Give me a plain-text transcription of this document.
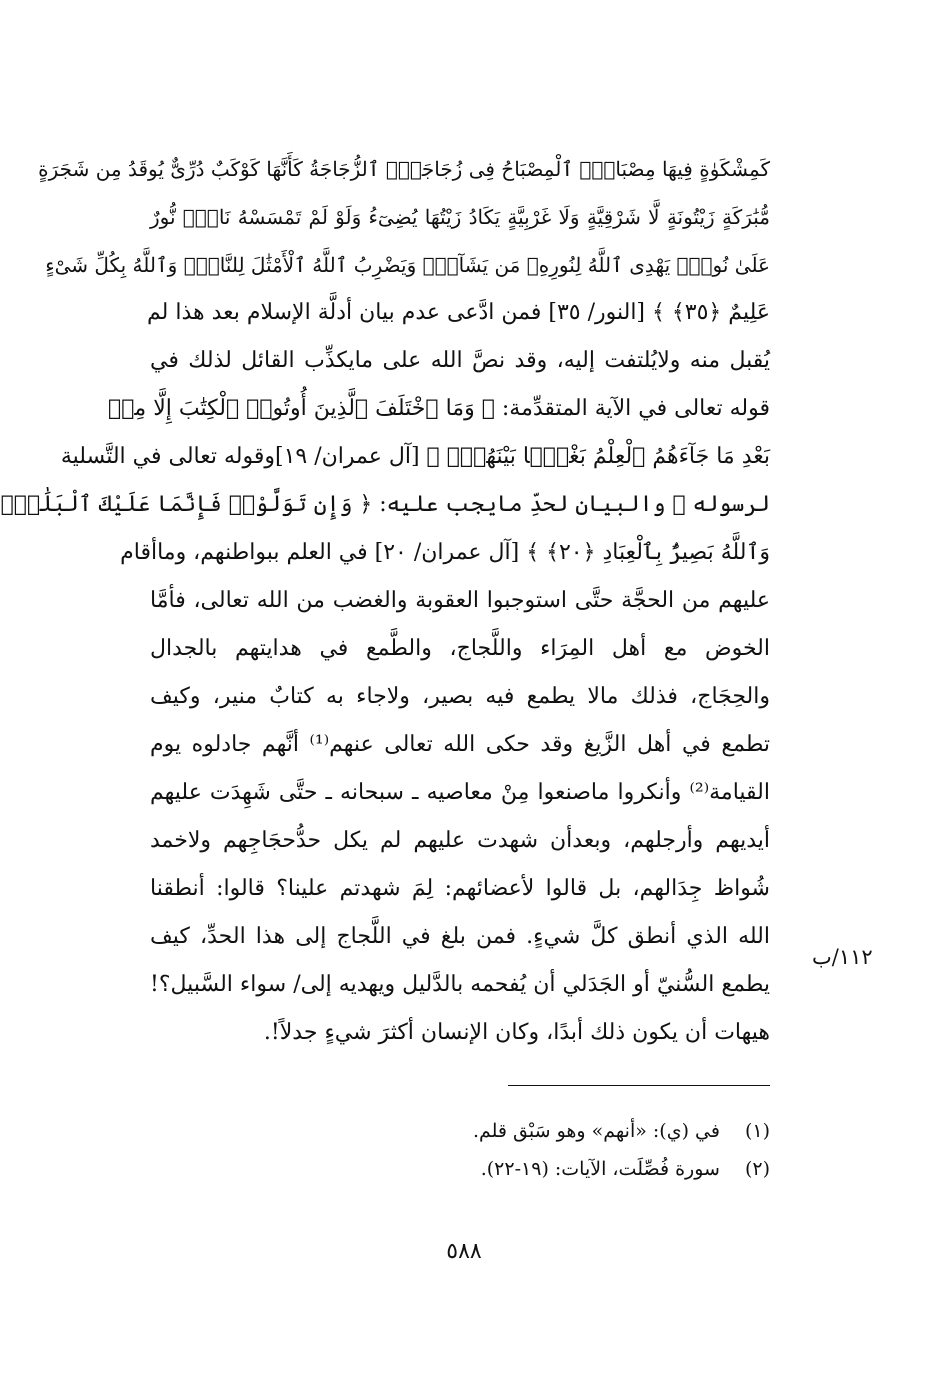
كَمِشْكَوٰةٍ فِيهَا مِصْبَاحٌۖ ٱلْمِصْبَاحُ فِى زُجَاجَةٍۖ ٱلزُّجَاجَةُ كَأَنَّهَا كَوْكَبٌ دُرِّىٌّ يُوقَدُ مِن شَجَرَةٍ
مُّبَٰرَكَةٍ زَيْتُونَةٍ لَّا شَرْقِيَّةٍ وَلَا غَرْبِيَّةٍ يَكَادُ زَيْتُهَا يُضِىٓءُ وَلَوْ لَمْ تَمْسَسْهُ نَارٌۚ نُّورٌ
عَلَىٰ نُورٍۗ يَهْدِى ٱللَّهُ لِنُورِهِۦ مَن يَشَآءُۚ وَيَضْرِبُ ٱللَّهُ ٱلْأَمْثَٰلَ لِلنَّاسِۗ وَٱللَّهُ بِكُلِّ شَىْءٍ
عَلِيمٌ ﴿٣٥﴾ ﴾ [النور/ ٣٥] فمن ادَّعى عدم بيان أدلَّة الإسلام بعد هذا لم
يُقبل منه ولايُلتفت إليه، وقد نصَّ الله على مايكذِّب القائل لذلك في
قوله تعالى في الآية المتقدِّمة: ﴿ وَمَا ٱخْتَلَفَ ٱلَّذِينَ أُوتُوا۟ ٱلْكِتَٰبَ إِلَّا مِنۢ
بَعْدِ مَا جَآءَهُمُ ٱلْعِلْمُ بَغْيًۢا بَيْنَهُمْۗ ﴾ [آل عمران/ ١٩]وقوله تعالى في التَّسلية
لرسوله ﷺ والبيان لحدِّ مايجب عليه: ﴿ وَإِن تَوَلَّوْا۟ فَإِنَّمَا عَلَيْكَ ٱلْبَلَٰغُۗ
وَٱللَّهُ بَصِيرٌۢ بِٱلْعِبَادِ ﴿٢٠﴾ ﴾ [آل عمران/ ٢٠] في العلم ببواطنهم، وماأقام
عليهم من الحجَّة حتَّى استوجبوا العقوبة والغضب من الله تعالى، فأمَّا
الخوض مع أهل المِرَاء واللَّجاج، والطَّمع في هدايتهم بالجدال
والحِجَاج، فذلك مالا يطمع فيه بصير، ولاجاء به كتابٌ منير، وكيف
تطمع في أهل الزَّيغ وقد حكى الله تعالى عنهم⁽¹⁾ أنَّهم جادلوه يوم
القيامة⁽²⁾ وأنكروا ماصنعوا مِنْ معاصيه ـ سبحانه ـ حتَّى شَهِدَت عليهم
أيديهم وأرجلهم، وبعدأن شهدت عليهم لم يكل حدُّحجَاجِهم ولاخمد
شُواظ جِدَالهم، بل قالوا لأعضائهم: لِمَ شهدتم علينا؟ قالوا: أنطقنا
الله الذي أنطق كلَّ شيءٍ. فمن بلغ في اللَّجاج إلى هذا الحدِّ، كيف
يطمع السُّنيّ أو الجَدَلي أن يُفحمه بالدَّليل ويهديه إلى/ سواء السَّبيل؟!
هيهات أن يكون ذلك أبدًا، وكان الإنسان أكثرَ شيءٍ جدلاً!.
١١٢/ب
(١) في (ي): «أنهم» وهو سَبْق قلم.
(٢) سورة فُصِّلَت، الآيات: (١٩-٢٢).
٥٨٨
